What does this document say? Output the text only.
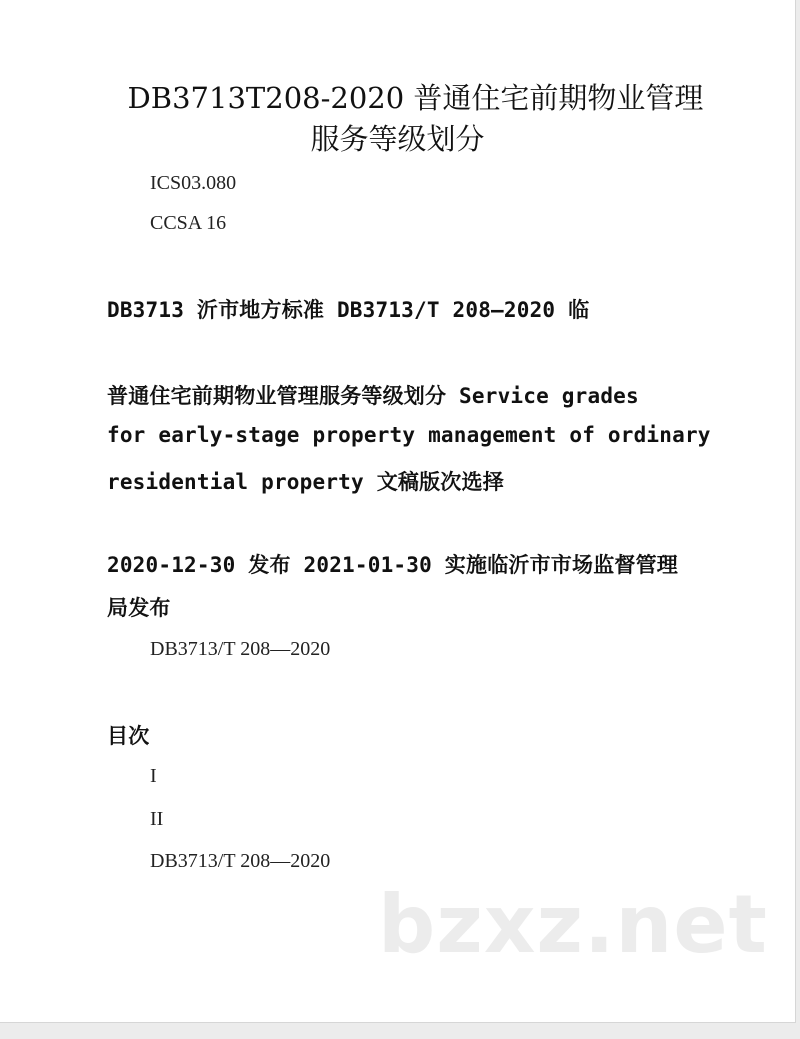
DB3713T208-2020 普通住宅前期物业管理
服务等级划分
ICS03.080
CCSA 16
DB3713 沂市地方标准 DB3713/T 208—2020 临
普通住宅前期物业管理服务等级划分 Service grades
for early-stage property management of ordinary
residential property 文稿版次选择
2020-12-30 发布 2021-01-30 实施临沂市市场监督管理
局发布
DB3713/T 208—2020
目次
I
II
DB3713/T 208—2020
bzxz.net
